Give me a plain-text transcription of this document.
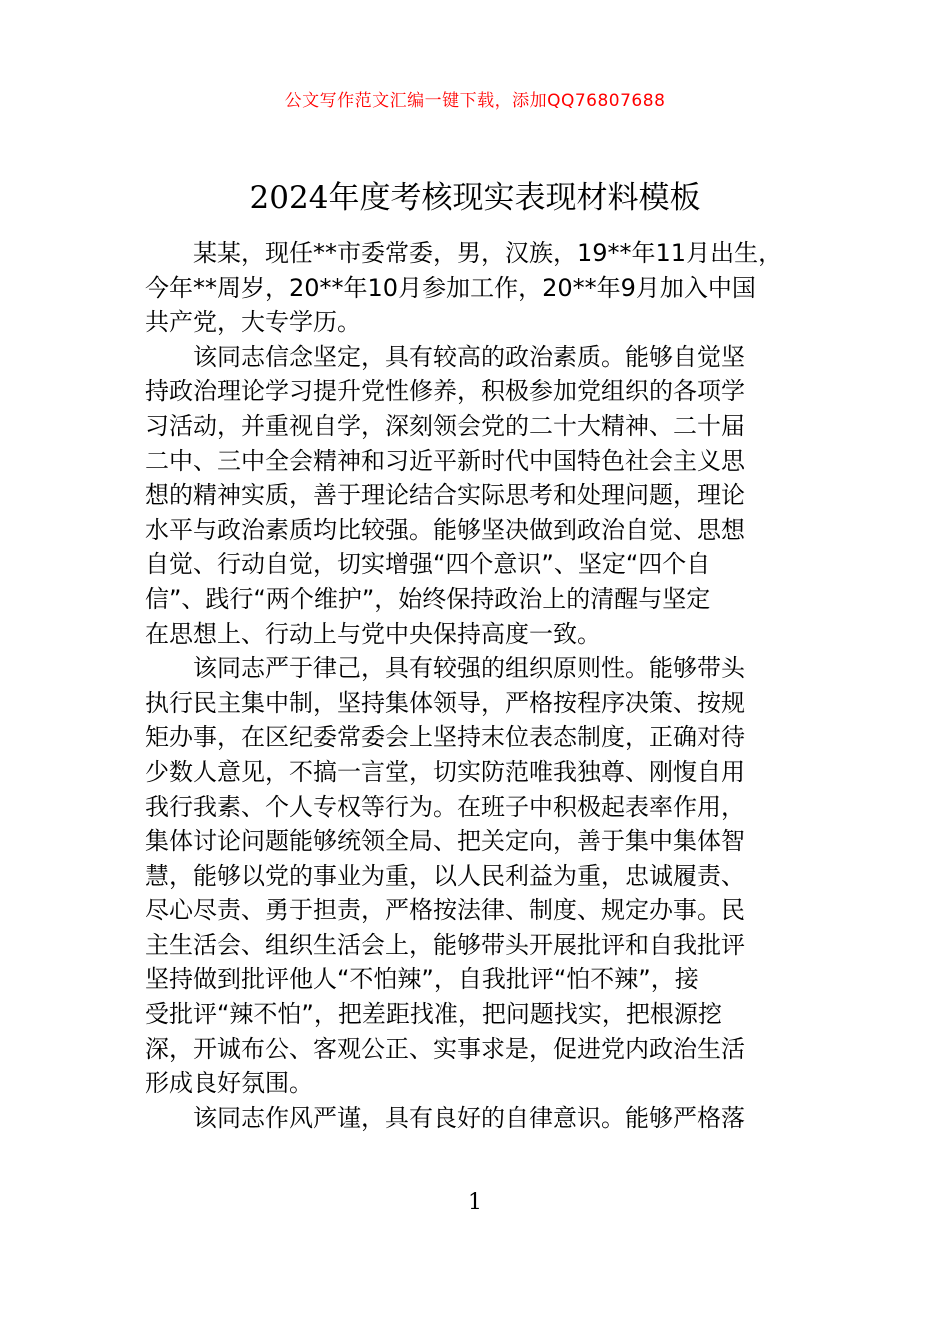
公文写作范文汇编一键下载，添加QQ76807688
2024年度考核现实表现材料模板

某某，现任**市委常委，男，汉族，19**年11月出生，
今年**周岁，20**年10月参加工作，20**年9月加入中国
共产党，大专学历。

该同志信念坚定，具有较高的政治素质。能够自觉坚
持政治理论学习提升党性修养，积极参加党组织的各项学
习活动，并重视自学，深刻领会党的二十大精神、二十届
二中、三中全会精神和习近平新时代中国特色社会主义思
想的精神实质，善于理论结合实际思考和处理问题，理论
水平与政治素质均比较强。能够坚决做到政治自觉、思想
自觉、行动自觉，切实增强“四个意识”、坚定“四个自
信”、践行“两个维护”，始终保持政治上的清醒与坚定
在思想上、行动上与党中央保持高度一致。

该同志严于律己，具有较强的组织原则性。能够带头
执行民主集中制，坚持集体领导，严格按程序决策、按规
矩办事，在区纪委常委会上坚持末位表态制度，正确对待
少数人意见，不搞一言堂，切实防范唯我独尊、刚愎自用
我行我素、个人专权等行为。在班子中积极起表率作用，
集体讨论问题能够统领全局、把关定向，善于集中集体智
慧，能够以党的事业为重，以人民利益为重，忠诚履责、
尽心尽责、勇于担责，严格按法律、制度、规定办事。民
主生活会、组织生活会上，能够带头开展批评和自我批评
坚持做到批评他人“不怕辣”，自我批评“怕不辣”，接
受批评“辣不怕”，把差距找准，把问题找实，把根源挖
深，开诚布公、客观公正、实事求是，促进党内政治生活
形成良好氛围。

该同志作风严谨，具有良好的自律意识。能够严格落

1
